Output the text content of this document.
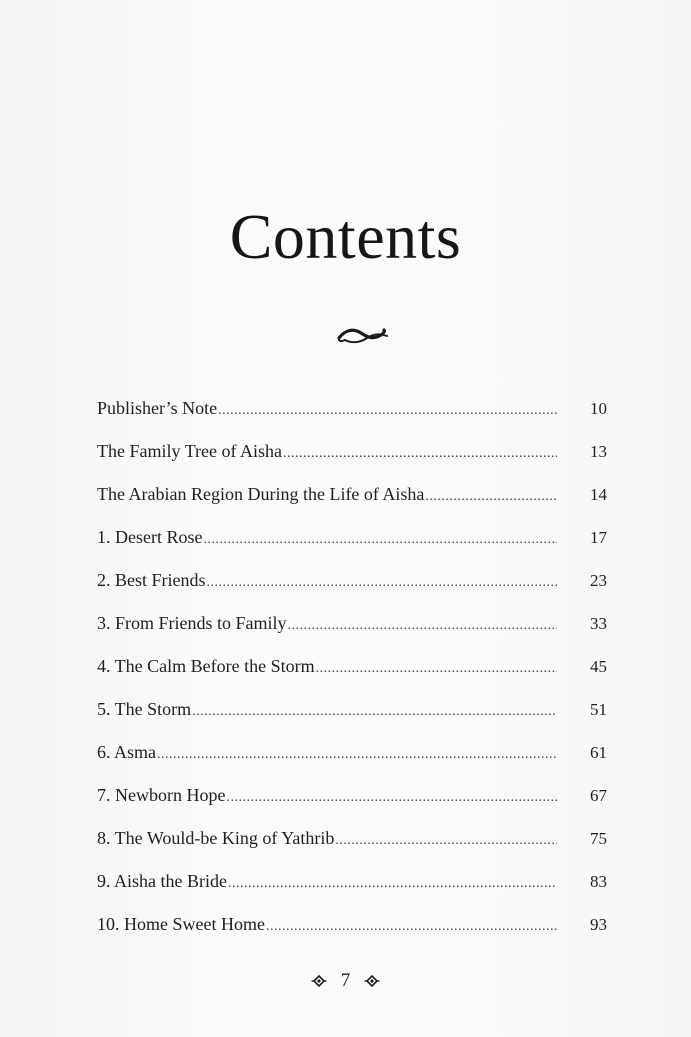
Contents
Publisher’s Note .....	10
The Family Tree of Aisha .....	13
The Arabian Region During the Life of Aisha .....	14
1. Desert Rose .....	17
2. Best Friends .....	23
3. From Friends to Family .....	33
4. The Calm Before the Storm .....	45
5. The Storm .....	51
6. Asma .....	61
7. Newborn Hope .....	67
8. The Would-be King of Yathrib .....	75
9. Aisha the Bride .....	83
10. Home Sweet Home .....	93
7
